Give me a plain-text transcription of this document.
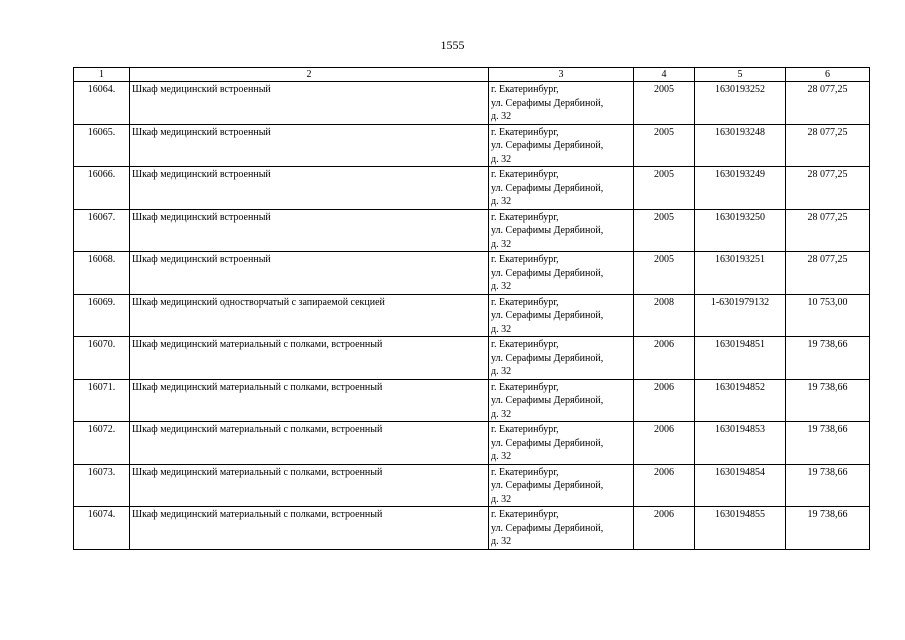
1555
1	2	3	4	5	6
16064.	Шкаф медицинский встроенный	г. Екатеринбург,
ул. Серафимы Дерябиной,
д. 32	2005	1630193252	28 077,25
16065.	Шкаф медицинский встроенный	г. Екатеринбург,
ул. Серафимы Дерябиной,
д. 32	2005	1630193248	28 077,25
16066.	Шкаф медицинский встроенный	г. Екатеринбург,
ул. Серафимы Дерябиной,
д. 32	2005	1630193249	28 077,25
16067.	Шкаф медицинский встроенный	г. Екатеринбург,
ул. Серафимы Дерябиной,
д. 32	2005	1630193250	28 077,25
16068.	Шкаф медицинский встроенный	г. Екатеринбург,
ул. Серафимы Дерябиной,
д. 32	2005	1630193251	28 077,25
16069.	Шкаф медицинский одностворчатый с запираемой секцией	г. Екатеринбург,
ул. Серафимы Дерябиной,
д. 32	2008	1-6301979132	10 753,00
16070.	Шкаф медицинский материальный с полками, встроенный	г. Екатеринбург,
ул. Серафимы Дерябиной,
д. 32	2006	1630194851	19 738,66
16071.	Шкаф медицинский материальный с полками, встроенный	г. Екатеринбург,
ул. Серафимы Дерябиной,
д. 32	2006	1630194852	19 738,66
16072.	Шкаф медицинский материальный с полками, встроенный	г. Екатеринбург,
ул. Серафимы Дерябиной,
д. 32	2006	1630194853	19 738,66
16073.	Шкаф медицинский материальный с полками, встроенный	г. Екатеринбург,
ул. Серафимы Дерябиной,
д. 32	2006	1630194854	19 738,66
16074.	Шкаф медицинский материальный с полками, встроенный	г. Екатеринбург,
ул. Серафимы Дерябиной,
д. 32	2006	1630194855	19 738,66
